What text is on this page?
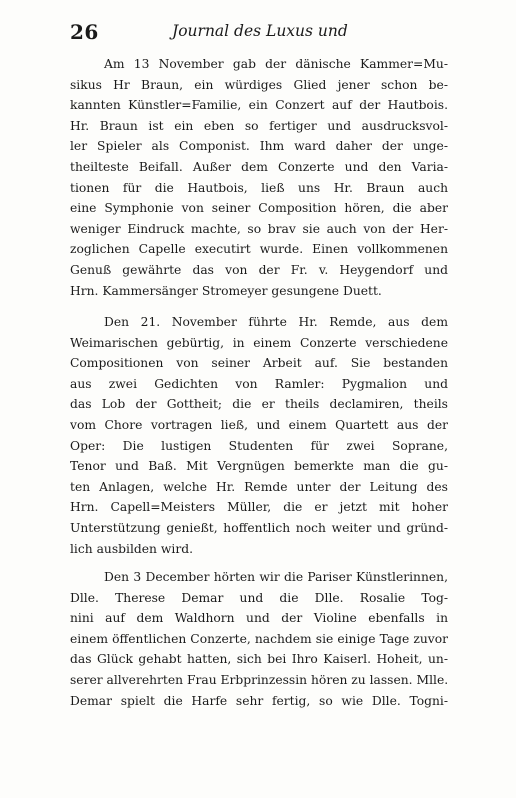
26	Journal des Luxus und
Am 13 November gab der dänische Kammer=Mu-
sikus Hr Braun, ein würdiges Glied jener schon be-
kannten Künstler=Familie, ein Conzert auf der Hautbois.
Hr. Braun ist ein eben so fertiger und ausdrucksvol-
ler Spieler als Componist. Ihm ward daher der unge-
theilteste Beifall. Außer dem Conzerte und den Varia-
tionen für die Hautbois, ließ uns Hr. Braun auch
eine Symphonie von seiner Composition hören, die aber
weniger Eindruck machte, so brav sie auch von der Her-
zoglichen Capelle executirt wurde. Einen vollkommenen
Genuß gewährte das von der Fr. v. Heygendorf und
Hrn. Kammersänger Stromeyer gesungene Duett.
Den 21. November führte Hr. Remde, aus dem
Weimarischen gebürtig, in einem Conzerte verschiedene
Compositionen von seiner Arbeit auf. Sie bestanden
aus zwei Gedichten von Ramler: Pygmalion und
das Lob der Gottheit; die er theils declamiren, theils
vom Chore vortragen ließ, und einem Quartett aus der
Oper: Die lustigen Studenten für zwei Soprane,
Tenor und Baß. Mit Vergnügen bemerkte man die gu-
ten Anlagen, welche Hr. Remde unter der Leitung des
Hrn. Capell=Meisters Müller, die er jetzt mit hoher
Unterstützung genießt, hoffentlich noch weiter und gründ-
lich ausbilden wird.
Den 3 December hörten wir die Pariser Künstlerinnen,
Dlle. Therese Demar und die Dlle. Rosalie Tog-
nini auf dem Waldhorn und der Violine ebenfalls in
einem öffentlichen Conzerte, nachdem sie einige Tage zuvor
das Glück gehabt hatten, sich bei Ihro Kaiserl. Hoheit, un-
serer allverehrten Frau Erbprinzessin hören zu lassen. Mlle.
Demar spielt die Harfe sehr fertig, so wie Dlle. Togni-
